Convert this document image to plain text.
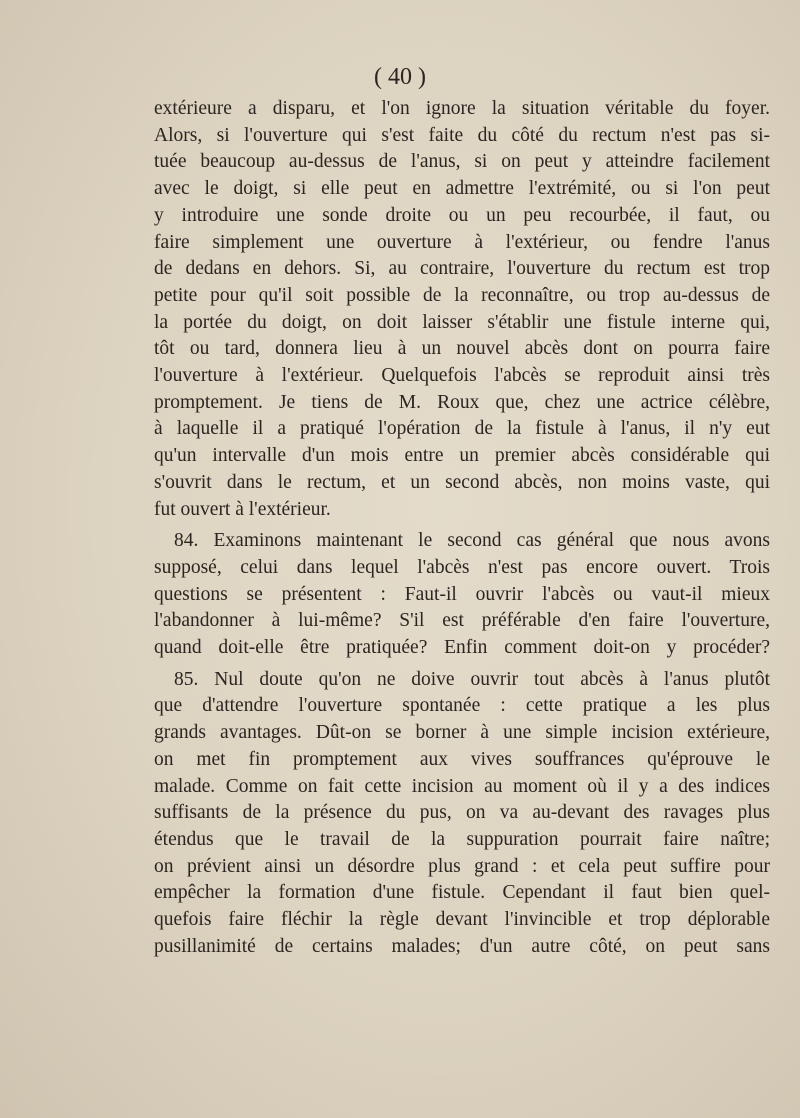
( 40 )
extérieure a disparu, et l'on ignore la situation véritable du foyer.
Alors, si l'ouverture qui s'est faite du côté du rectum n'est pas si-
tuée beaucoup au-dessus de l'anus, si on peut y atteindre facilement
avec le doigt, si elle peut en admettre l'extrémité, ou si l'on peut
y introduire une sonde droite ou un peu recourbée, il faut, ou
faire simplement une ouverture à l'extérieur, ou fendre l'anus
de dedans en dehors. Si, au contraire, l'ouverture du rectum est trop
petite pour qu'il soit possible de la reconnaître, ou trop au-dessus de
la portée du doigt, on doit laisser s'établir une fistule interne qui,
tôt ou tard, donnera lieu à un nouvel abcès dont on pourra faire
l'ouverture à l'extérieur. Quelquefois l'abcès se reproduit ainsi très
promptement. Je tiens de M. Roux que, chez une actrice célèbre,
à laquelle il a pratiqué l'opération de la fistule à l'anus, il n'y eut
qu'un intervalle d'un mois entre un premier abcès considérable qui
s'ouvrit dans le rectum, et un second abcès, non moins vaste, qui
fut ouvert à l'extérieur.
84. Examinons maintenant le second cas général que nous avons
supposé, celui dans lequel l'abcès n'est pas encore ouvert. Trois
questions se présentent : Faut-il ouvrir l'abcès ou vaut-il mieux
l'abandonner à lui-même? S'il est préférable d'en faire l'ouverture,
quand doit-elle être pratiquée? Enfin comment doit-on y procéder?
85. Nul doute qu'on ne doive ouvrir tout abcès à l'anus plutôt
que d'attendre l'ouverture spontanée : cette pratique a les plus
grands avantages. Dût-on se borner à une simple incision extérieure,
on met fin promptement aux vives souffrances qu'éprouve le
malade. Comme on fait cette incision au moment où il y a des indices
suffisants de la présence du pus, on va au-devant des ravages plus
étendus que le travail de la suppuration pourrait faire naître;
on prévient ainsi un désordre plus grand : et cela peut suffire pour
empêcher la formation d'une fistule. Cependant il faut bien quel-
quefois faire fléchir la règle devant l'invincible et trop déplorable
pusillanimité de certains malades; d'un autre côté, on peut sans
